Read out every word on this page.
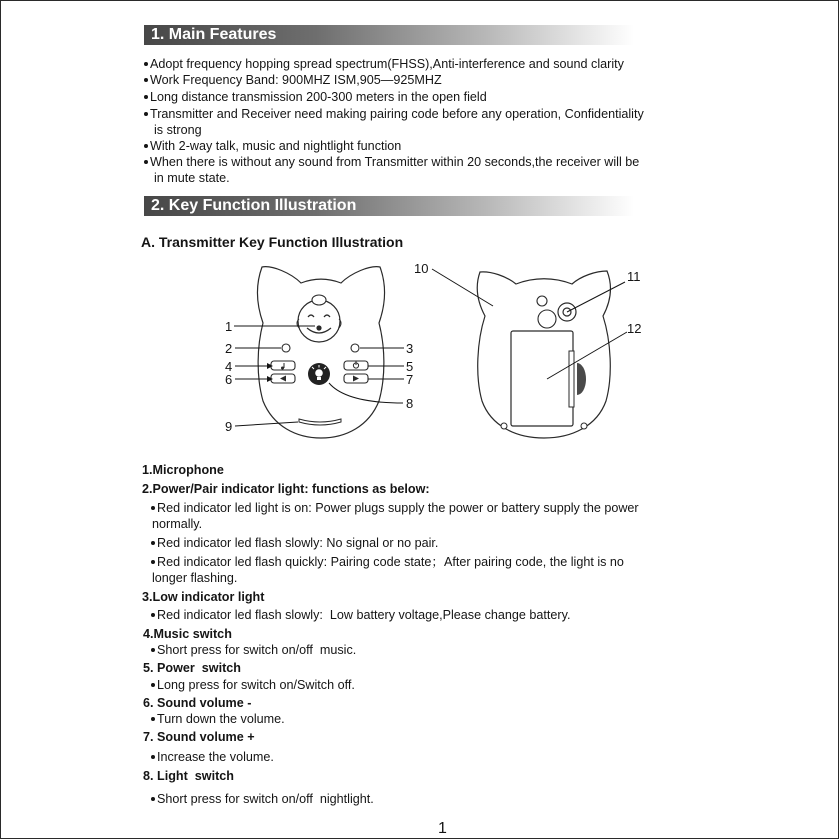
1. Main Features
Adopt frequency hopping spread spectrum(FHSS),Anti-interference and sound clarity
Work Frequency Band: 900MHZ ISM,905—925MHZ
Long distance transmission 200-300 meters in the open field
Transmitter and Receiver need making pairing code before any operation, Confidentiality
is strong
With 2-way talk, music and nightlight function
When there is without any sound from Transmitter within 20 seconds,the receiver will be
in mute state.
2. Key Function Illustration
A. Transmitter Key Function Illustration
1
2	3
4	5
6	7
8
9
10
11
12
1.Microphone
2.Power/Pair indicator light: functions as below:
Red indicator led light is on: Power plugs supply the power or battery supply the power
normally.
Red indicator led flash slowly: No signal or no pair.
Red indicator led flash quickly: Pairing code state；After pairing code, the light is no
longer flashing.
3.Low indicator light
Red indicator led flash slowly:  Low battery voltage,Please change battery.
4.Music switch
Short press for switch on/off  music.
5. Power  switch
Long press for switch on/Switch off.
6. Sound volume -
Turn down the volume.
7. Sound volume +
Increase the volume.
8. Light  switch
Short press for switch on/off  nightlight.
1
